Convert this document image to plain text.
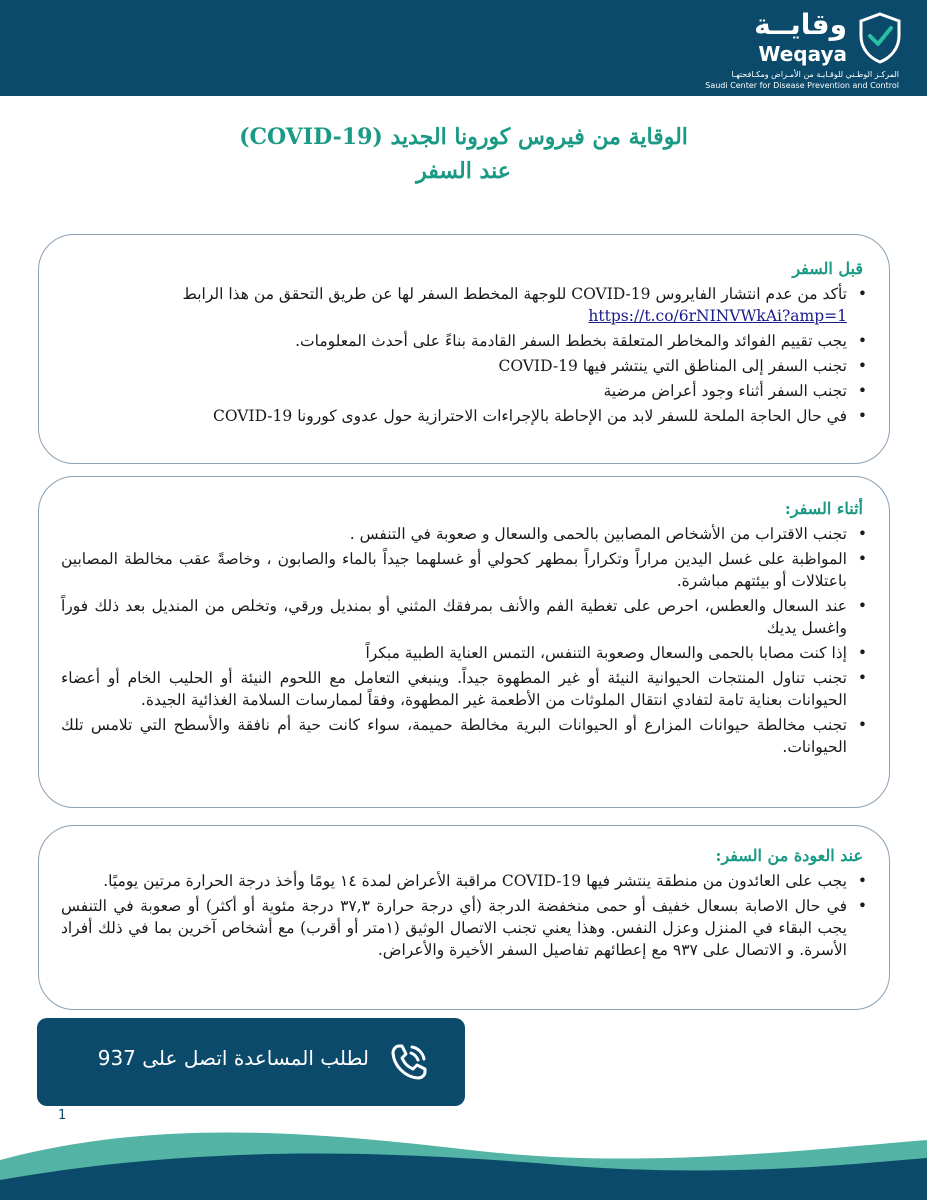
وقايــة
Weqaya
المركـز الوطـني للوقـايـة من الأمـراض ومكـافحتهـا
Saudi Center for Disease Prevention and Control
الوقاية من فيروس كورونا الجديد (COVID-19)
عند السفر
قبل السفر
• تأكد من عدم انتشار الفايروس COVID-19 للوجهة المخطط السفر لها عن طريق التحقق من هذا الرابط
https://t.co/6rNINVWkAi?amp=1
• يجب تقييم الفوائد والمخاطر المتعلقة بخطط السفر القادمة بناءً على أحدث المعلومات.
• تجنب السفر إلى المناطق التي ينتشر فيها COVID-19
• تجنب السفر أثناء وجود أعراض مرضية
• في حال الحاجة الملحة للسفر لابد من الإحاطة بالإجراءات الاحترازية حول عدوى كورونا COVID-19
أثناء السفر:
• تجنب الاقتراب من الأشخاص المصابين بالحمى والسعال و صعوبة في التنفس .
• المواظبة على غسل اليدين مراراً وتكراراً بمطهر كحولي أو غسلهما جيداً بالماء والصابون ، وخاصةً عقب مخالطة المصابين باعتلالات أو بيئتهم مباشرة.
• عند السعال والعطس، احرص على تغطية الفم والأنف بمرفقك المثني أو بمنديل ورقي، وتخلص من المنديل بعد ذلك فوراً واغسل يديك
• إذا كنت مصابا بالحمى والسعال وصعوبة التنفس، التمس العناية الطبية مبكراً
• تجنب تناول المنتجات الحيوانية النيئة أو غير المطهوة جيداً. وينبغي التعامل مع اللحوم النيئة أو الحليب الخام أو أعضاء الحيوانات بعناية تامة لتفادي انتقال الملوثات من الأطعمة غير المطهوة، وفقاً لممارسات السلامة الغذائية الجيدة.
• تجنب مخالطة حيوانات المزارع أو الحيوانات البرية مخالطة حميمة، سواء كانت حية أم نافقة والأسطح التي تلامس تلك الحيوانات.
عند العودة من السفر:
• يجب على العائدون من منطقة ينتشر فيها COVID-19 مراقبة الأعراض لمدة ١٤ يومًا وأخذ درجة الحرارة مرتين يوميًا.
• في حال الاصابة بسعال خفيف أو حمى منخفضة الدرجة (أي درجة حرارة ٣٧,٣ درجة مئوية أو أكثر) أو صعوبة في التنفس يجب البقاء في المنزل وعزل النفس. وهذا يعني تجنب الاتصال الوثيق (١متر أو أقرب) مع أشخاص آخرين بما في ذلك أفراد الأسرة. و الاتصال على ٩٣٧ مع إعطائهم تفاصيل السفر الأخيرة والأعراض.
لطلب المساعدة اتصل على 937
1
